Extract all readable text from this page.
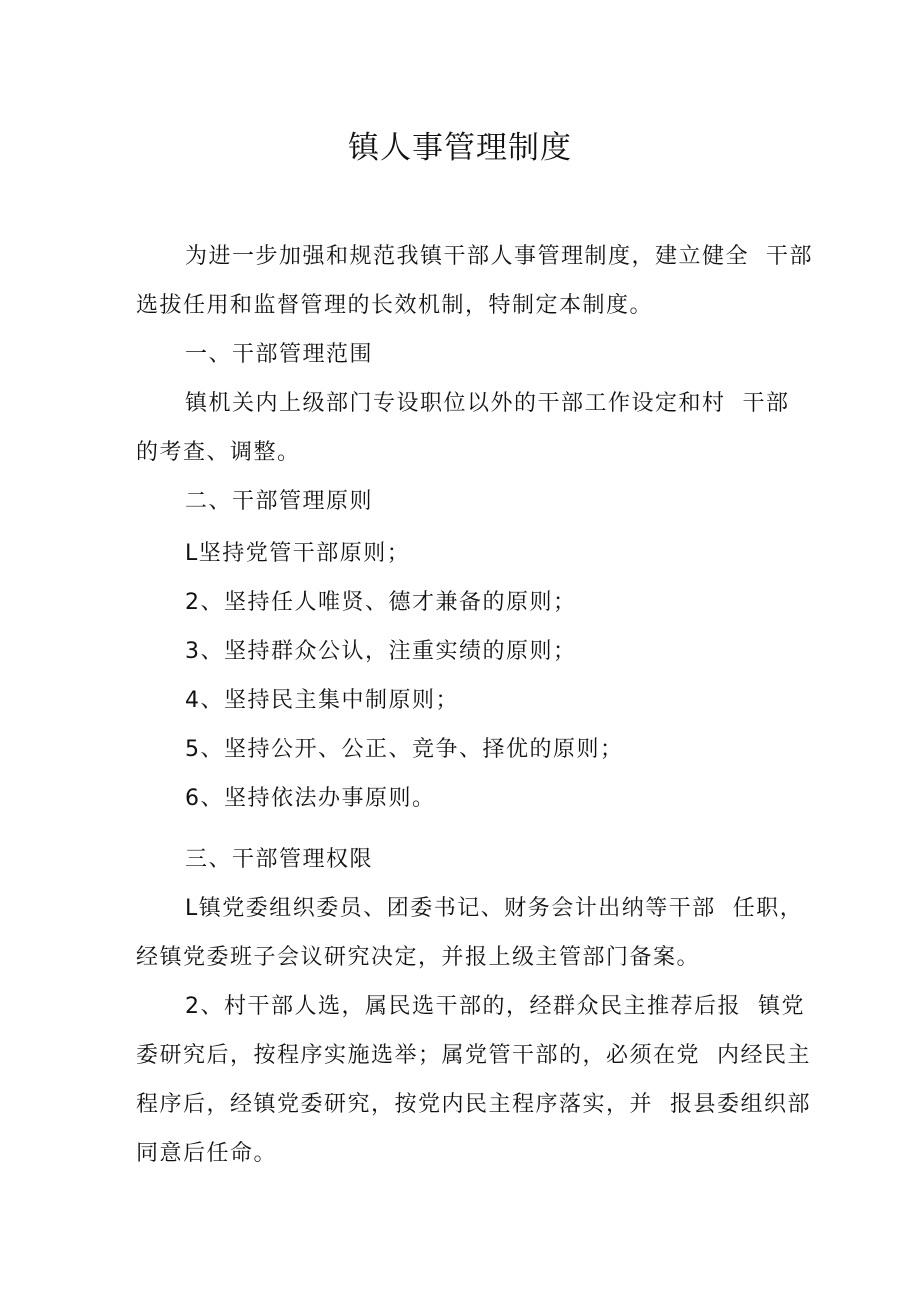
镇人事管理制度

为进一步加强和规范我镇干部人事管理制度，建立健全  干部

选拔任用和监督管理的长效机制，特制定本制度。

一、干部管理范围

镇机关内上级部门专设职位以外的干部工作设定和村  干部

的考查、调整。

二、干部管理原则

L坚持党管干部原则；

2、坚持任人唯贤、德才兼备的原则；

3、坚持群众公认，注重实绩的原则；

4、坚持民主集中制原则；

5、坚持公开、公正、竞争、择优的原则；

6、坚持依法办事原则。

三、干部管理权限

L镇党委组织委员、团委书记、财务会计出纳等干部  任职，

经镇党委班子会议研究决定，并报上级主管部门备案。

2、村干部人选，属民选干部的，经群众民主推荐后报  镇党

委研究后，按程序实施选举；属党管干部的，必须在党  内经民主

程序后，经镇党委研究，按党内民主程序落实，并  报县委组织部

同意后任命。
